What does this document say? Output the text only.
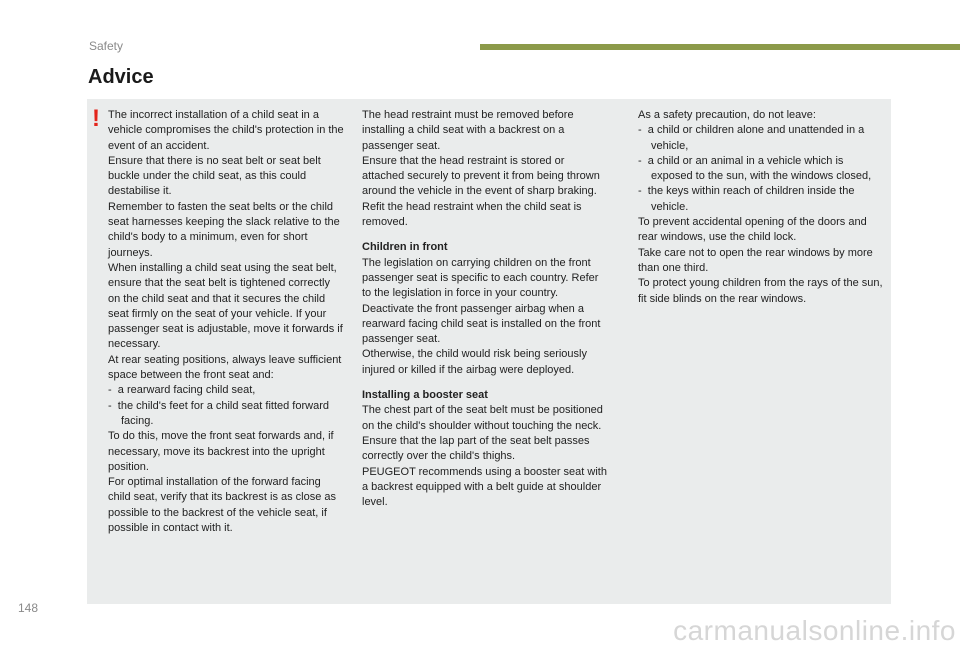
Safety
Advice
! The incorrect installation of a child seat in a vehicle compromises the child's protection in the event of an accident.

Ensure that there is no seat belt or seat belt buckle under the child seat, as this could destabilise it.

Remember to fasten the seat belts or the child seat harnesses keeping the slack relative to the child's body to a minimum, even for short journeys.

When installing a child seat using the seat belt, ensure that the seat belt is tightened correctly on the child seat and that it secures the child seat firmly on the seat of your vehicle. If your passenger seat is adjustable, move it forwards if necessary.

At rear seating positions, always leave sufficient space between the front seat and:

-  a rearward facing child seat,

-  the child's feet for a child seat fitted forward facing.

To do this, move the front seat forwards and, if necessary, move its backrest into the upright position.

For optimal installation of the forward facing child seat, verify that its backrest is as close as possible to the backrest of the vehicle seat, if possible in contact with it.

The head restraint must be removed before installing a child seat with a backrest on a passenger seat.

Ensure that the head restraint is stored or attached securely to prevent it from being thrown around the vehicle in the event of sharp braking. Refit the head restraint when the child seat is removed.

Children in front

The legislation on carrying children on the front passenger seat is specific to each country. Refer to the legislation in force in your country.

Deactivate the front passenger airbag when a rearward facing child seat is installed on the front passenger seat.

Otherwise, the child would risk being seriously injured or killed if the airbag were deployed.

Installing a booster seat

The chest part of the seat belt must be positioned on the child's shoulder without touching the neck.

Ensure that the lap part of the seat belt passes correctly over the child's thighs.

PEUGEOT recommends using a booster seat with a backrest equipped with a belt guide at shoulder level.

As a safety precaution, do not leave:

-  a child or children alone and unattended in a vehicle,

-  a child or an animal in a vehicle which is exposed to the sun, with the windows closed,

-  the keys within reach of children inside the vehicle.

To prevent accidental opening of the doors and rear windows, use the child lock.

Take care not to open the rear windows by more than one third.

To protect young children from the rays of the sun, fit side blinds on the rear windows.

148
carmanualsonline.info
